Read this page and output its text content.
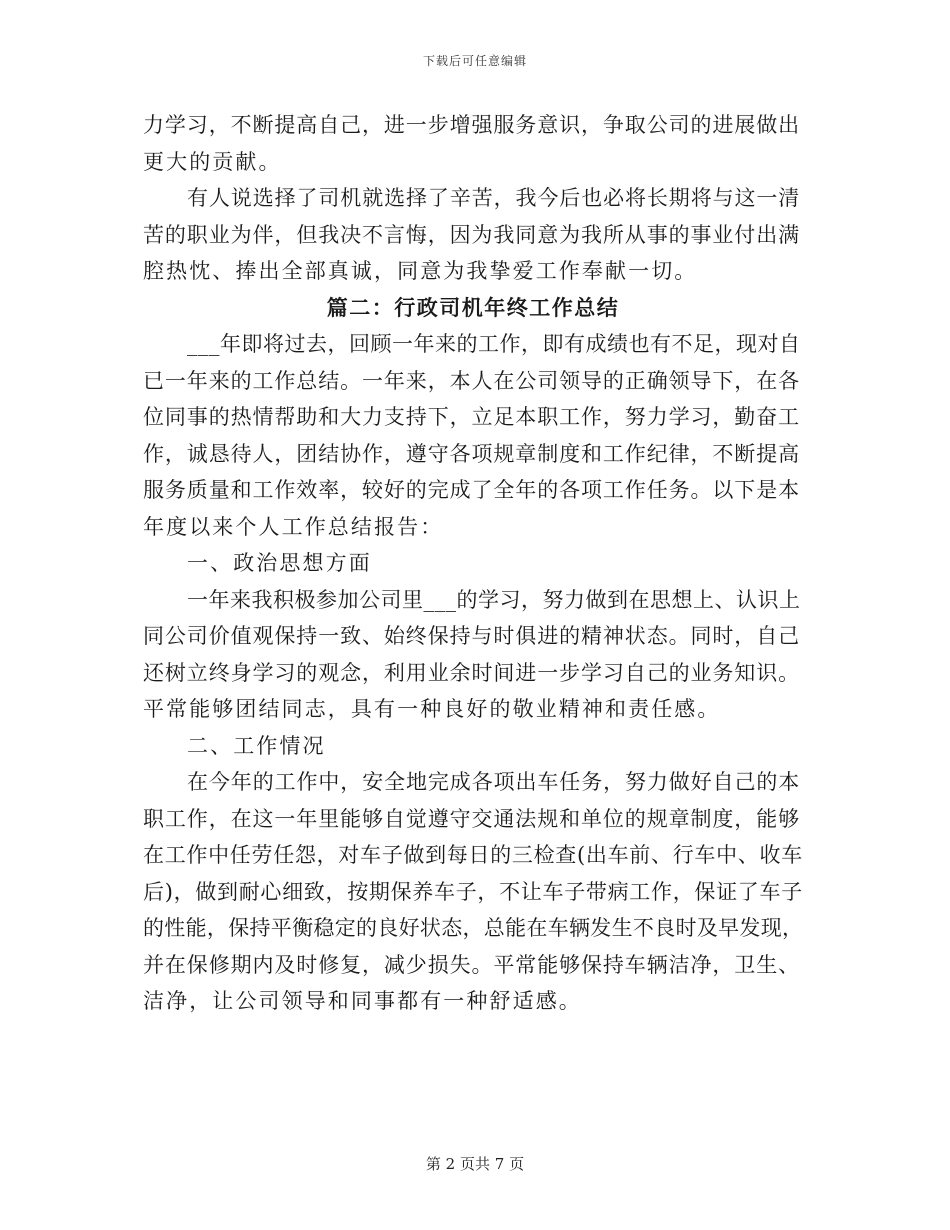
下载后可任意编辑
力学习，不断提高自己，进一步增强服务意识，争取公司的进展做出
更大的贡献。
有人说选择了司机就选择了辛苦，我今后也必将长期将与这一清
苦的职业为伴，但我决不言悔，因为我同意为我所从事的事业付出满
腔热忱、捧出全部真诚，同意为我挚爱工作奉献一切。
篇二：行政司机年终工作总结
___年即将过去，回顾一年来的工作，即有成绩也有不足，现对自
已一年来的工作总结。一年来，本人在公司领导的正确领导下，在各
位同事的热情帮助和大力支持下，立足本职工作，努力学习，勤奋工
作，诚恳待人，团结协作，遵守各项规章制度和工作纪律，不断提高
服务质量和工作效率，较好的完成了全年的各项工作任务。以下是本
年度以来个人工作总结报告：
一、政治思想方面
一年来我积极参加公司里___的学习，努力做到在思想上、认识上
同公司价值观保持一致、始终保持与时俱进的精神状态。同时，自己
还树立终身学习的观念，利用业余时间进一步学习自己的业务知识。
平常能够团结同志，具有一种良好的敬业精神和责任感。
二、工作情况
在今年的工作中，安全地完成各项出车任务，努力做好自己的本
职工作，在这一年里能够自觉遵守交通法规和单位的规章制度，能够
在工作中任劳任怨，对车子做到每日的三检查(出车前、行车中、收车
后)，做到耐心细致，按期保养车子，不让车子带病工作，保证了车子
的性能，保持平衡稳定的良好状态，总能在车辆发生不良时及早发现，
并在保修期内及时修复，减少损失。平常能够保持车辆洁净，卫生、
洁净，让公司领导和同事都有一种舒适感。
第 2 页共 7 页
